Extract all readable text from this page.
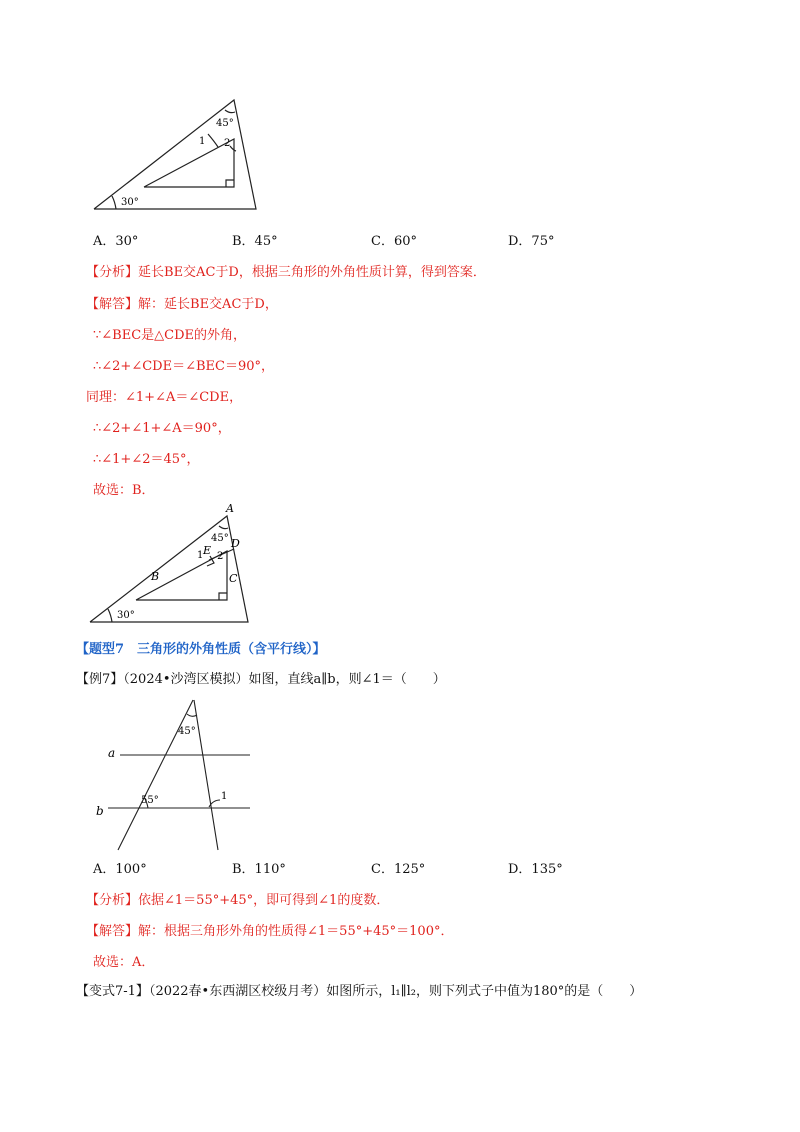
45°
1 2
30°
A．30°	B．45°	C．60°	D．75°
【分析】延长BE交AC于D，根据三角形的外角性质计算，得到答案．
【解答】解：延长BE交AC于D，
∵∠BEC是△CDE的外角，
∴∠2+∠CDE＝∠BEC＝90°，
同理：∠1+∠A＝∠CDE，
∴∠2+∠1+∠A＝90°，
∴∠1+∠2＝45°，
故选：B．
A
B	C
D
E
45°
1 2
30°
【题型7　三角形的外角性质（含平行线）】
【例7】（2024•沙湾区模拟）如图，直线a∥b，则∠1＝（　　）
a
b
45°
55°	1
A．100°	B．110°	C．125°	D．135°
【分析】依据∠1＝55°+45°，即可得到∠1的度数．
【解答】解：根据三角形外角的性质得∠1＝55°+45°＝100°．
故选：A．
【变式7-1】（2022春•东西湖区校级月考）如图所示，l₁∥l₂，则下列式子中值为180°的是（　　）
